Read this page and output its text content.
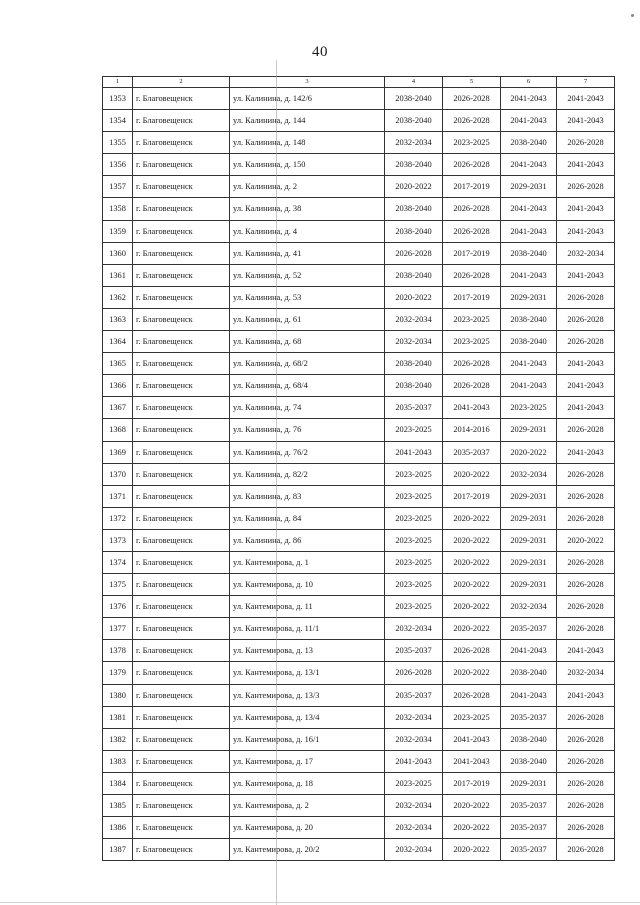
40
1	2	3	4	5	6	7
1353	г. Благовещенск	ул. Калинина, д. 142/6	2038-2040	2026-2028	2041-2043	2041-2043
1354	г. Благовещенск	ул. Калинина, д. 144	2038-2040	2026-2028	2041-2043	2041-2043
1355	г. Благовещенск	ул. Калинина, д. 148	2032-2034	2023-2025	2038-2040	2026-2028
1356	г. Благовещенск	ул. Калинина, д. 150	2038-2040	2026-2028	2041-2043	2041-2043
1357	г. Благовещенск	ул. Калинина, д. 2	2020-2022	2017-2019	2029-2031	2026-2028
1358	г. Благовещенск	ул. Калинина, д. 38	2038-2040	2026-2028	2041-2043	2041-2043
1359	г. Благовещенск	ул. Калинина, д. 4	2038-2040	2026-2028	2041-2043	2041-2043
1360	г. Благовещенск	ул. Калинина, д. 41	2026-2028	2017-2019	2038-2040	2032-2034
1361	г. Благовещенск	ул. Калинина, д. 52	2038-2040	2026-2028	2041-2043	2041-2043
1362	г. Благовещенск	ул. Калинина, д. 53	2020-2022	2017-2019	2029-2031	2026-2028
1363	г. Благовещенск	ул. Калинина, д. 61	2032-2034	2023-2025	2038-2040	2026-2028
1364	г. Благовещенск	ул. Калинина, д. 68	2032-2034	2023-2025	2038-2040	2026-2028
1365	г. Благовещенск	ул. Калинина, д. 68/2	2038-2040	2026-2028	2041-2043	2041-2043
1366	г. Благовещенск	ул. Калинина, д. 68/4	2038-2040	2026-2028	2041-2043	2041-2043
1367	г. Благовещенск	ул. Калинина, д. 74	2035-2037	2041-2043	2023-2025	2041-2043
1368	г. Благовещенск	ул. Калинина, д. 76	2023-2025	2014-2016	2029-2031	2026-2028
1369	г. Благовещенск	ул. Калинина, д. 76/2	2041-2043	2035-2037	2020-2022	2041-2043
1370	г. Благовещенск	ул. Калинина, д. 82/2	2023-2025	2020-2022	2032-2034	2026-2028
1371	г. Благовещенск	ул. Калинина, д. 83	2023-2025	2017-2019	2029-2031	2026-2028
1372	г. Благовещенск	ул. Калинина, д. 84	2023-2025	2020-2022	2029-2031	2026-2028
1373	г. Благовещенск	ул. Калинина, д. 86	2023-2025	2020-2022	2029-2031	2020-2022
1374	г. Благовещенск	ул. Кантемирова, д. 1	2023-2025	2020-2022	2029-2031	2026-2028
1375	г. Благовещенск	ул. Кантемирова, д. 10	2023-2025	2020-2022	2029-2031	2026-2028
1376	г. Благовещенск	ул. Кантемирова, д. 11	2023-2025	2020-2022	2032-2034	2026-2028
1377	г. Благовещенск	ул. Кантемирова, д. 11/1	2032-2034	2020-2022	2035-2037	2026-2028
1378	г. Благовещенск	ул. Кантемирова, д. 13	2035-2037	2026-2028	2041-2043	2041-2043
1379	г. Благовещенск	ул. Кантемирова, д. 13/1	2026-2028	2020-2022	2038-2040	2032-2034
1380	г. Благовещенск	ул. Кантемирова, д. 13/3	2035-2037	2026-2028	2041-2043	2041-2043
1381	г. Благовещенск	ул. Кантемирова, д. 13/4	2032-2034	2023-2025	2035-2037	2026-2028
1382	г. Благовещенск	ул. Кантемирова, д. 16/1	2032-2034	2041-2043	2038-2040	2026-2028
1383	г. Благовещенск	ул. Кантемирова, д. 17	2041-2043	2041-2043	2038-2040	2026-2028
1384	г. Благовещенск	ул. Кантемирова, д. 18	2023-2025	2017-2019	2029-2031	2026-2028
1385	г. Благовещенск	ул. Кантемирова, д. 2	2032-2034	2020-2022	2035-2037	2026-2028
1386	г. Благовещенск	ул. Кантемирова, д. 20	2032-2034	2020-2022	2035-2037	2026-2028
1387	г. Благовещенск	ул. Кантемирова, д. 20/2	2032-2034	2020-2022	2035-2037	2026-2028
